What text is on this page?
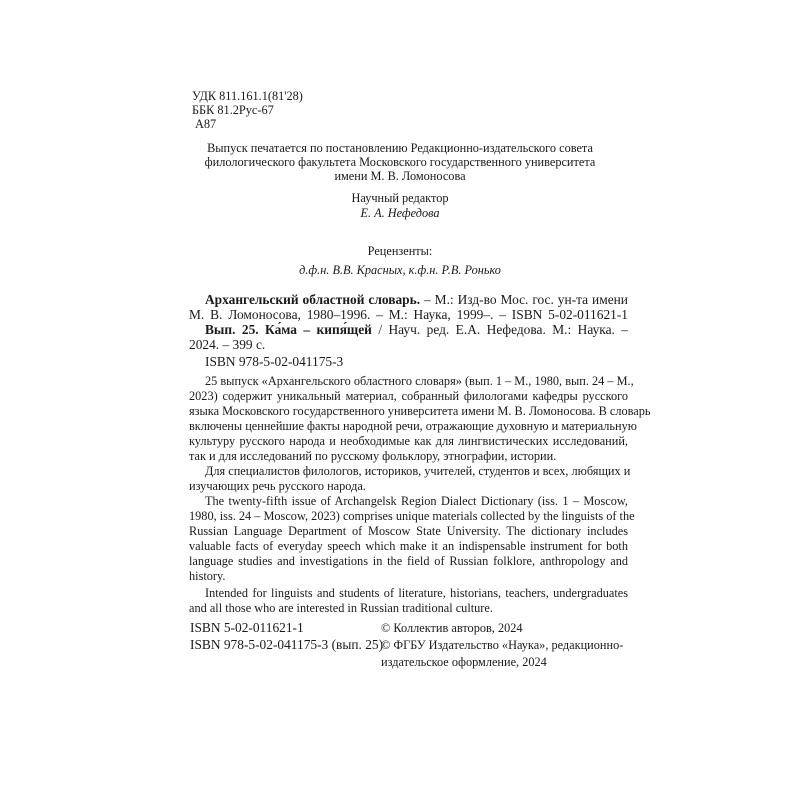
УДК 811.161.1(81'28)
ББК 81.2Рус-67
А87
Выпуск печатается по постановлению Редакционно-издательского совета
филологического факультета Московского государственного университета
имени М. В. Ломоносова
Научный редактор
Е. А. Нефедова
Рецензенты:
д.ф.н. В.В. Красных, к.ф.н. Р.В. Ронько
Архангельский областной словарь. – М.: Изд-во Мос. гос. ун-та имени
М. В. Ломоносова, 1980–1996. – М.: Наука, 1999–. – ISBN 5-02-011621-1
Вып. 25. Ка́ма – кипя́щей / Науч. ред. Е.А. Нефедова. М.: Наука. –
2024. – 399 с.
ISBN 978-5-02-041175-3
25 выпуск «Архангельского областного словаря» (вып. 1 – М., 1980, вып. 24 – М.,
2023) содержит уникальный материал, собранный филологами кафедры русского
языка Московского государственного университета имени М. В. Ломоносова. В словарь
включены ценнейшие факты народной речи, отражающие духовную и материальную
культуру русского народа и необходимые как для лингвистических исследований,
так и для исследований по русскому фольклору, этнографии, истории.
Для специалистов филологов, историков, учителей, студентов и всех, любящих и
изучающих речь русского народа.
The twenty-fifth issue of Archangelsk Region Dialect Dictionary (iss. 1 – Moscow,
1980, iss. 24 – Moscow, 2023) comprises unique materials collected by the linguists of the
Russian Language Department of Moscow State University. The dictionary includes
valuable facts of everyday speech which make it an indispensable instrument for both
language studies and investigations in the field of Russian folklore, anthropology and
history.
Intended for linguists and students of literature, historians, teachers, undergraduates
and all those who are interested in Russian traditional culture.
ISBN 5-02-011621-1
ISBN 978-5-02-041175-3 (вып. 25)
© Коллектив авторов, 2024
© ФГБУ Издательство «Наука», редакционно-
издательское оформление, 2024
